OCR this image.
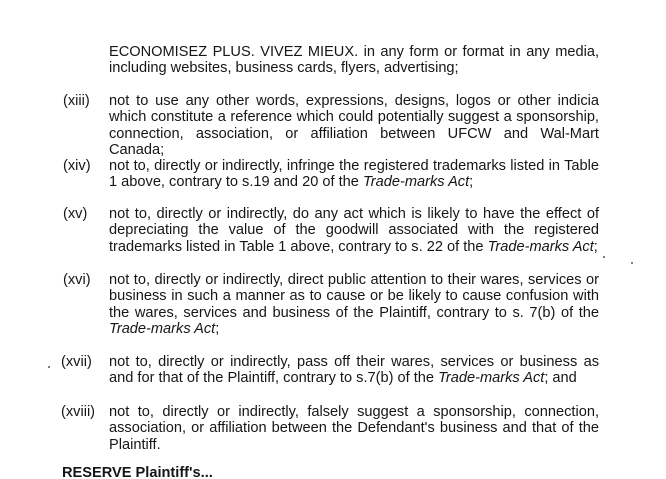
ECONOMISEZ PLUS. VIVEZ MIEUX. in any form or format in any media, including websites, business cards, flyers, advertising;
(xiii) not to use any other words, expressions, designs, logos or other indicia which constitute a reference which could potentially suggest a sponsorship, connection, association, or affiliation between UFCW and Wal-Mart Canada;
(xiv) not to, directly or indirectly, infringe the registered trademarks listed in Table 1 above, contrary to s.19 and 20 of the Trade-marks Act;
(xv) not to, directly or indirectly, do any act which is likely to have the effect of depreciating the value of the goodwill associated with the registered trademarks listed in Table 1 above, contrary to s. 22 of the Trade-marks Act;
(xvi) not to, directly or indirectly, direct public attention to their wares, services or business in such a manner as to cause or be likely to cause confusion with the wares, services and business of the Plaintiff, contrary to s. 7(b) of the Trade-marks Act;
(xvii) not to, directly or indirectly, pass off their wares, services or business as and for that of the Plaintiff, contrary to s.7(b) of the Trade-marks Act; and
(xviii) not to, directly or indirectly, falsely suggest a sponsorship, connection, association, or affiliation between the Defendant's business and that of the Plaintiff.
RESERVE Plaintiff's...
